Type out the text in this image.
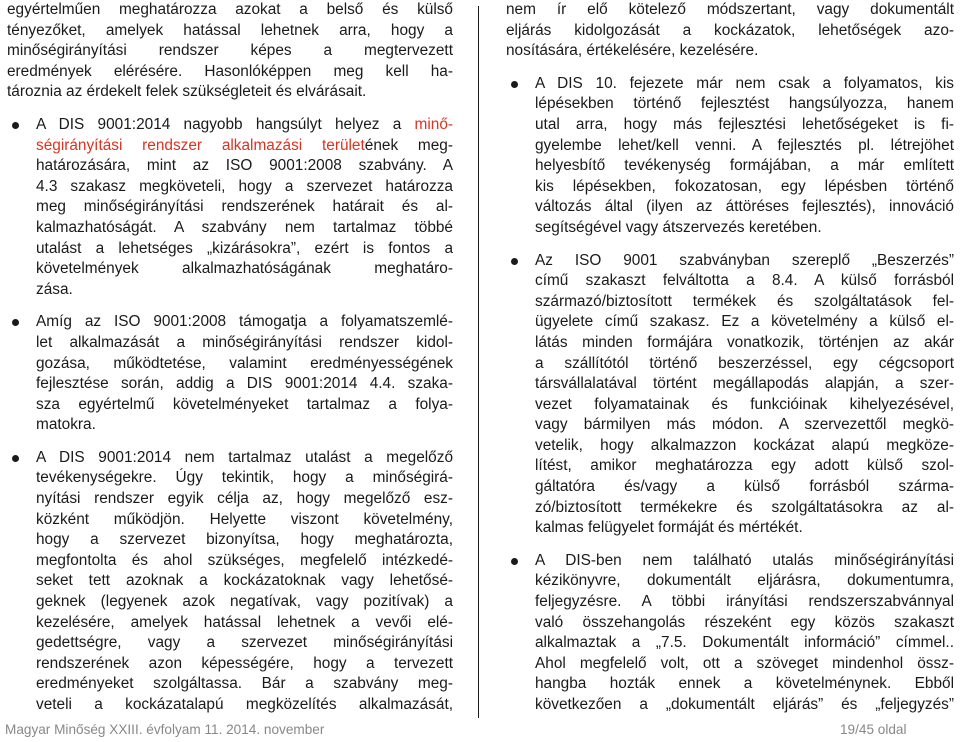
egyértelműen meghatározza azokat a belső és külső
tényezőket, amelyek hatással lehetnek arra, hogy a
minőségirányítási rendszer képes a megtervezett
eredmények elérésére. Hasonlóképpen meg kell ha-
tároznia az érdekelt felek szükségleteit és elvárásait.
A DIS 9001:2014 nagyobb hangsúlyt helyez a minő-
ségirányítási rendszer alkalmazási területének meg-
határozására, mint az ISO 9001:2008 szabvány. A
4.3 szakasz megköveteli, hogy a szervezet határozza
meg minőségirányítási rendszerének határait és al-
kalmazhatóságát. A szabvány nem tartalmaz többé
utalást a lehetséges „kizárásokra”, ezért is fontos a
követelmények alkalmazhatóságának meghatáro-
zása.
Amíg az ISO 9001:2008 támogatja a folyamatszemlé-
let alkalmazását a minőségirányítási rendszer kidol-
gozása, működtetése, valamint eredményességének
fejlesztése során, addig a DIS 9001:2014 4.4. szaka-
sza egyértelmű követelményeket tartalmaz a folya-
matokra.
A DIS 9001:2014 nem tartalmaz utalást a megelőző
tevékenységekre. Úgy tekintik, hogy a minőségirá-
nyítási rendszer egyik célja az, hogy megelőző esz-
közként működjön. Helyette viszont követelmény,
hogy a szervezet bizonyítsa, hogy meghatározta,
megfontolta és ahol szükséges, megfelelő intézkedé-
seket tett azoknak a kockázatoknak vagy lehetősé-
geknek (legyenek azok negatívak, vagy pozitívak) a
kezelésére, amelyek hatással lehetnek a vevői elé-
gedettségre, vagy a szervezet minőségirányítási
rendszerének azon képességére, hogy a tervezett
eredményeket szolgáltassa. Bár a szabvány meg-
veteli a kockázatalapú megközelítés alkalmazását,
nem ír elő kötelező módszertant, vagy dokumentált
eljárás kidolgozását a kockázatok, lehetőségek azo-
nosítására, értékelésére, kezelésére.
A DIS 10. fejezete már nem csak a folyamatos, kis
lépésekben történő fejlesztést hangsúlyozza, hanem
utal arra, hogy más fejlesztési lehetőségeket is fi-
gyelembe lehet/kell venni. A fejlesztés pl. létrejöhet
helyesbítő tevékenység formájában, a már említett
kis lépésekben, fokozatosan, egy lépésben történő
változás által (ilyen az áttöréses fejlesztés), innováció
segítségével vagy átszervezés keretében.
Az ISO 9001 szabványban szereplő „Beszerzés”
című szakaszt felváltotta a 8.4. A külső forrásból
származó/biztosított termékek és szolgáltatások fel-
ügyelete című szakasz. Ez a követelmény a külső el-
látás minden formájára vonatkozik, történjen az akár
a szállítótól történő beszerzéssel, egy cégcsoport
társvállalatával történt megállapodás alapján, a szer-
vezet folyamatainak és funkcióinak kihelyezésével,
vagy bármilyen más módon. A szervezettől megkö-
vetelik, hogy alkalmazzon kockázat alapú megköze-
lítést, amikor meghatározza egy adott külső szol-
gáltatóra és/vagy a külső forrásból szárma-
zó/biztosított termékekre és szolgáltatásokra az al-
kalmas felügyelet formáját és mértékét.
A DIS-ben nem található utalás minőségirányítási
kézikönyvre, dokumentált eljárásra, dokumentumra,
feljegyzésre. A többi irányítási rendszerszabvánnyal
való összehangolás részeként egy közös szakaszt
alkalmaztak a „7.5. Dokumentált információ” címmel..
Ahol megfelelő volt, ott a szöveget mindenhol össz-
hangba hozták ennek a követelménynek. Ebből
következően a „dokumentált eljárás” és „feljegyzés”
Magyar Minőség XXIII. évfolyam 11. 2014. november	19/45 oldal
